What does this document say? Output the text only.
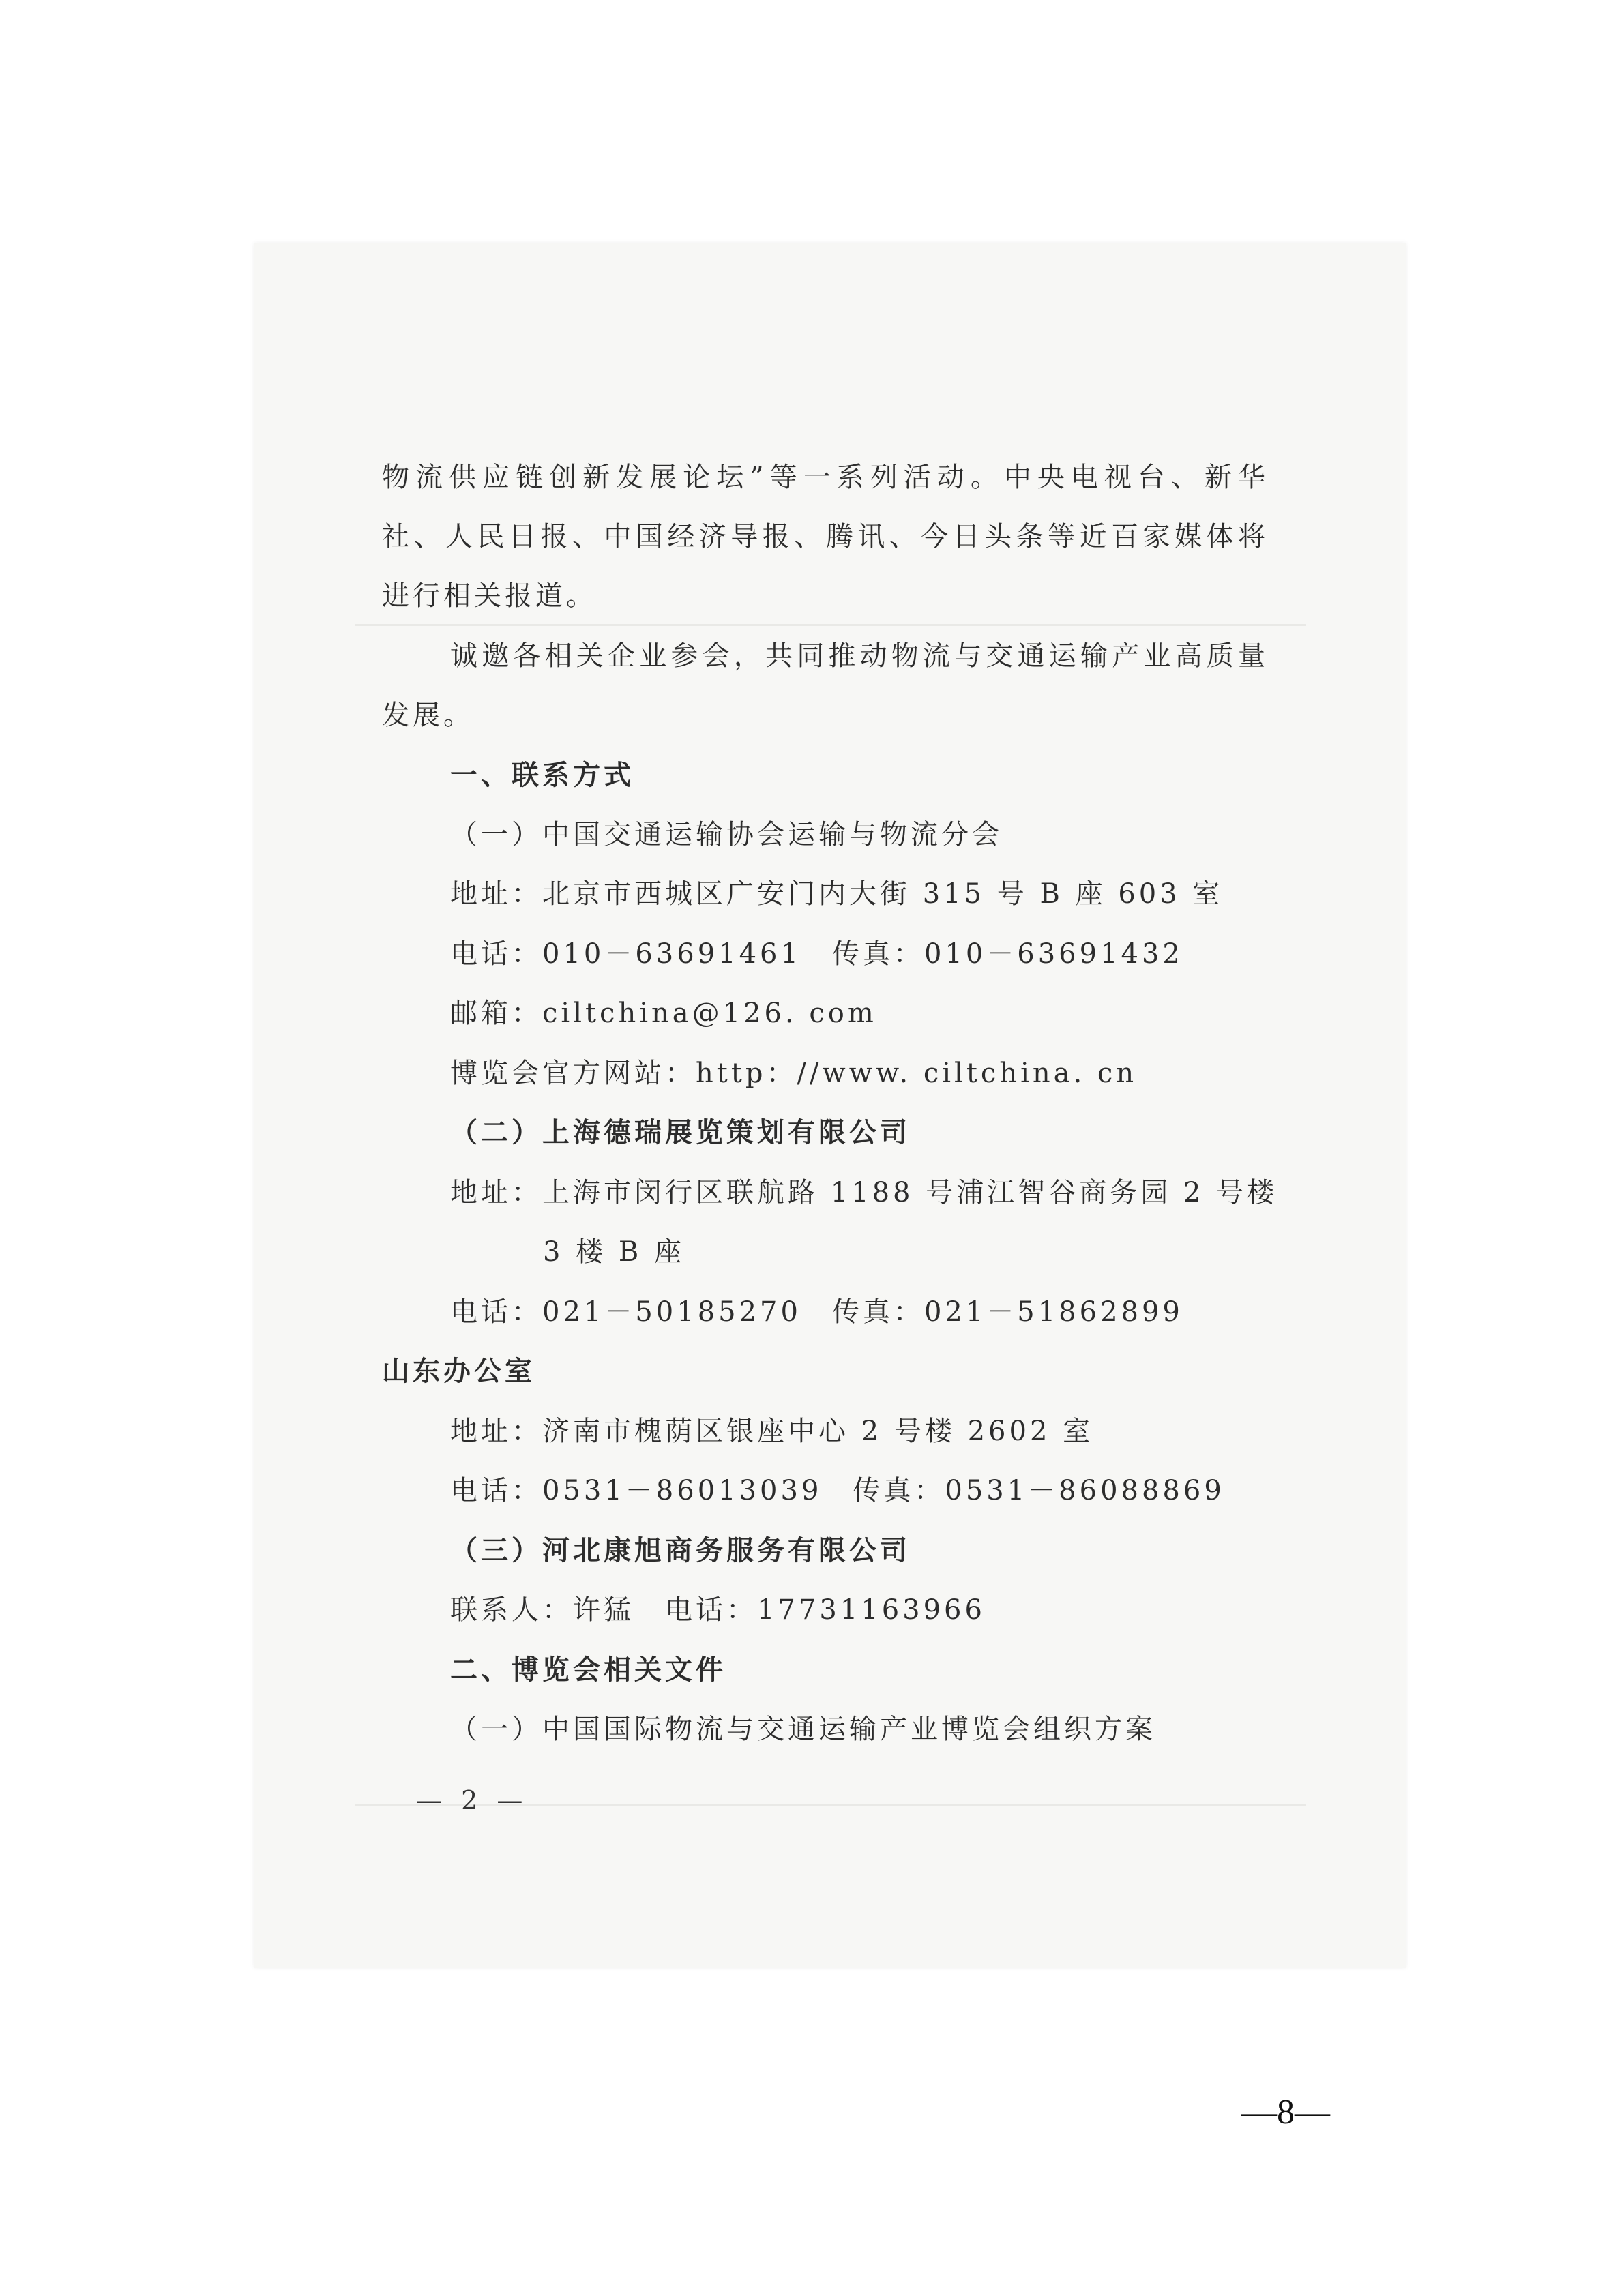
物流供应链创新发展论坛”等一系列活动。中央电视台、新华
社、人民日报、中国经济导报、腾讯、今日头条等近百家媒体将
进行相关报道。
诚邀各相关企业参会，共同推动物流与交通运输产业高质量
发展。
一、联系方式
（一）中国交通运输协会运输与物流分会
地址：北京市西城区广安门内大街 315 号 B 座 603 室
电话：010－63691461　传真：010－63691432
邮箱：ciltchina@126. com
博览会官方网站：http：//www. ciltchina. cn
（二）上海德瑞展览策划有限公司
地址：上海市闵行区联航路 1188 号浦江智谷商务园 2 号楼
3 楼 B 座
电话：021－50185270　传真：021－51862899
山东办公室
地址：济南市槐荫区银座中心 2 号楼 2602 室
电话：0531－86013039　传真：0531－86088869
（三）河北康旭商务服务有限公司
联系人：许猛　电话：17731163966
二、博览会相关文件
（一）中国国际物流与交通运输产业博览会组织方案
— 2 —
—8—
